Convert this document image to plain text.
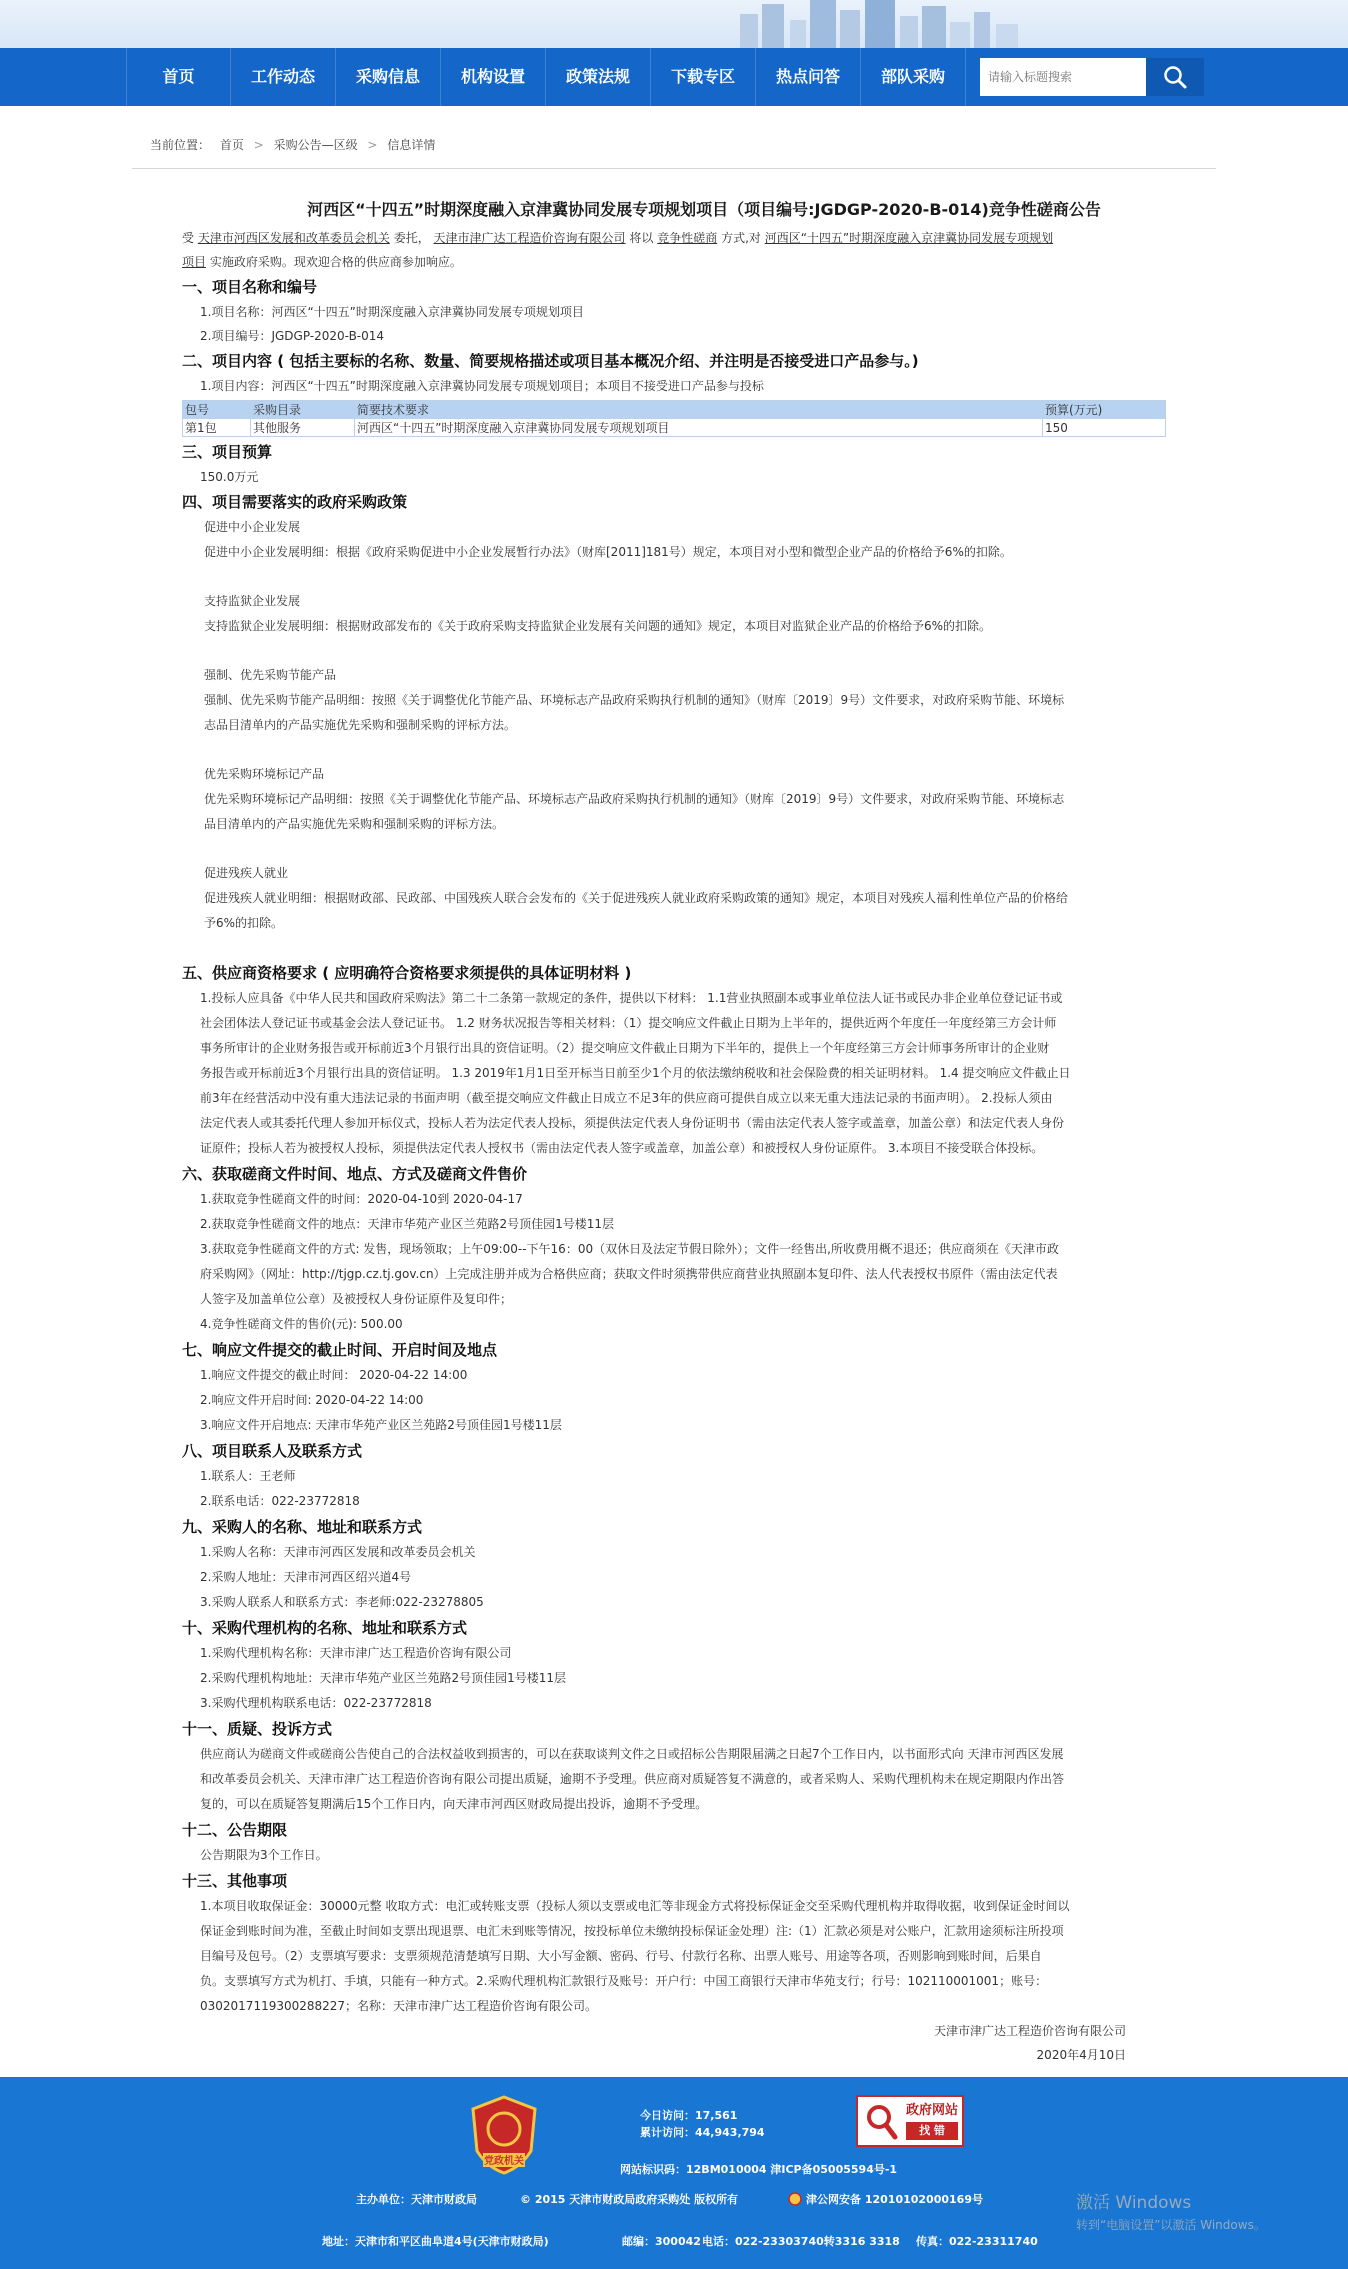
首页	工作动态	采购信息	机构设置	政策法规	下载专区	热点问答	部队采购
请输入标题搜索
当前位置： 首页 > 采购公告—区级 > 信息详情
河西区“十四五”时期深度融入京津冀协同发展专项规划项目（项目编号:JGDGP-2020-B-014)竞争性磋商公告
受 天津市河西区发展和改革委员会机关 委托， 天津市津广达工程造价咨询有限公司 将以 竞争性磋商 方式,对 河西区“十四五”时期深度融入京津冀协同发展专项规划
项目 实施政府采购。现欢迎合格的供应商参加响应。
一、项目名称和编号
1.项目名称：河西区“十四五”时期深度融入京津冀协同发展专项规划项目
2.项目编号：JGDGP-2020-B-014
二、项目内容 ( 包括主要标的名称、数量、简要规格描述或项目基本概况介绍、并注明是否接受进口产品参与。)
1.项目内容：河西区“十四五”时期深度融入京津冀协同发展专项规划项目；本项目不接受进口产品参与投标
包号	采购目录	简要技术要求	预算(万元)
第1包	其他服务	河西区“十四五”时期深度融入京津冀协同发展专项规划项目	150
三、项目预算
150.0万元
四、项目需要落实的政府采购政策
促进中小企业发展
促进中小企业发展明细：根据《政府采购促进中小企业发展暂行办法》（财库[2011]181号）规定，本项目对小型和微型企业产品的价格给予6%的扣除。
支持监狱企业发展
支持监狱企业发展明细：根据财政部发布的《关于政府采购支持监狱企业发展有关问题的通知》规定，本项目对监狱企业产品的价格给予6%的扣除。
强制、优先采购节能产品
强制、优先采购节能产品明细：按照《关于调整优化节能产品、环境标志产品政府采购执行机制的通知》（财库〔2019〕9号）文件要求，对政府采购节能、环境标
志品目清单内的产品实施优先采购和强制采购的评标方法。
优先采购环境标记产品
优先采购环境标记产品明细：按照《关于调整优化节能产品、环境标志产品政府采购执行机制的通知》（财库〔2019〕9号）文件要求，对政府采购节能、环境标志
品目清单内的产品实施优先采购和强制采购的评标方法。
促进残疾人就业
促进残疾人就业明细：根据财政部、民政部、中国残疾人联合会发布的《关于促进残疾人就业政府采购政策的通知》规定，本项目对残疾人福利性单位产品的价格给
予6%的扣除。
五、供应商资格要求 ( 应明确符合资格要求须提供的具体证明材料 )
1.投标人应具备《中华人民共和国政府采购法》第二十二条第一款规定的条件，提供以下材料： 1.1营业执照副本或事业单位法人证书或民办非企业单位登记证书或
社会团体法人登记证书或基金会法人登记证书。 1.2 财务状况报告等相关材料：（1）提交响应文件截止日期为上半年的，提供近两个年度任一年度经第三方会计师
事务所审计的企业财务报告或开标前近3个月银行出具的资信证明。（2）提交响应文件截止日期为下半年的，提供上一个年度经第三方会计师事务所审计的企业财
务报告或开标前近3个月银行出具的资信证明。 1.3 2019年1月1日至开标当日前至少1个月的依法缴纳税收和社会保险费的相关证明材料。 1.4 提交响应文件截止日
前3年在经营活动中没有重大违法记录的书面声明（截至提交响应文件截止日成立不足3年的供应商可提供自成立以来无重大违法记录的书面声明）。 2.投标人须由
法定代表人或其委托代理人参加开标仪式，投标人若为法定代表人投标，须提供法定代表人身份证明书（需由法定代表人签字或盖章，加盖公章）和法定代表人身份
证原件；投标人若为被授权人投标，须提供法定代表人授权书（需由法定代表人签字或盖章，加盖公章）和被授权人身份证原件。 3.本项目不接受联合体投标。
六、获取磋商文件时间、地点、方式及磋商文件售价
1.获取竞争性磋商文件的时间：2020-04-10到 2020-04-17
2.获取竞争性磋商文件的地点：天津市华苑产业区兰苑路2号顶佳园1号楼11层
3.获取竞争性磋商文件的方式: 发售，现场领取；上午09:00--下午16：00（双休日及法定节假日除外）；文件一经售出,所收费用概不退还；供应商须在《天津市政
府采购网》（网址：http://tjgp.cz.tj.gov.cn）上完成注册并成为合格供应商；获取文件时须携带供应商营业执照副本复印件、法人代表授权书原件（需由法定代表
人签字及加盖单位公章）及被授权人身份证原件及复印件；
4.竞争性磋商文件的售价(元): 500.00
七、响应文件提交的截止时间、开启时间及地点
1.响应文件提交的截止时间： 2020-04-22 14:00
2.响应文件开启时间: 2020-04-22 14:00
3.响应文件开启地点: 天津市华苑产业区兰苑路2号顶佳园1号楼11层
八、项目联系人及联系方式
1.联系人：王老师
2.联系电话：022-23772818
九、采购人的名称、地址和联系方式
1.采购人名称：天津市河西区发展和改革委员会机关
2.采购人地址：天津市河西区绍兴道4号
3.采购人联系人和联系方式：李老师:022-23278805
十、采购代理机构的名称、地址和联系方式
1.采购代理机构名称：天津市津广达工程造价咨询有限公司
2.采购代理机构地址：天津市华苑产业区兰苑路2号顶佳园1号楼11层
3.采购代理机构联系电话：022-23772818
十一、质疑、投诉方式
供应商认为磋商文件或磋商公告使自己的合法权益收到损害的，可以在获取谈判文件之日或招标公告期限届满之日起7个工作日内，以书面形式向 天津市河西区发展
和改革委员会机关、天津市津广达工程造价咨询有限公司提出质疑，逾期不予受理。供应商对质疑答复不满意的，或者采购人、采购代理机构未在规定期限内作出答
复的，可以在质疑答复期满后15个工作日内，向天津市河西区财政局提出投诉，逾期不予受理。
十二、公告期限
公告期限为3个工作日。
十三、其他事项
1.本项目收取保证金：30000元整 收取方式：电汇或转账支票（投标人须以支票或电汇等非现金方式将投标保证金交至采购代理机构并取得收据，收到保证金时间以
保证金到账时间为准，至截止时间如支票出现退票、电汇未到账等情况，按投标单位未缴纳投标保证金处理）注:（1）汇款必须是对公账户，汇款用途须标注所投项
目编号及包号。（2）支票填写要求：支票须规范清楚填写日期、大小写金额、密码、行号、付款行名称、出票人账号、用途等各项，否则影响到账时间，后果自
负。支票填写方式为机打、手填，只能有一种方式。2.采购代理机构汇款银行及账号：开户行：中国工商银行天津市华苑支行；行号：102110001001；账号：
0302017119300288227；名称：天津市津广达工程造价咨询有限公司。
天津市津广达工程造价咨询有限公司
2020年4月10日
党政机关
今日访问：17,561
累计访问：44,943,794
政府网站
找 错
网站标识码：12BM010004 津ICP备05005594号-1
主办单位：天津市财政局	© 2015 天津市财政局政府采购处 版权所有	津公网安备 12010102000169号
地址：天津市和平区曲阜道4号(天津市财政局)	邮编：300042 电话：022-23303740转3316 3318 传真：022-23311740
激活 Windows
转到“电脑设置”以激活 Windows。
